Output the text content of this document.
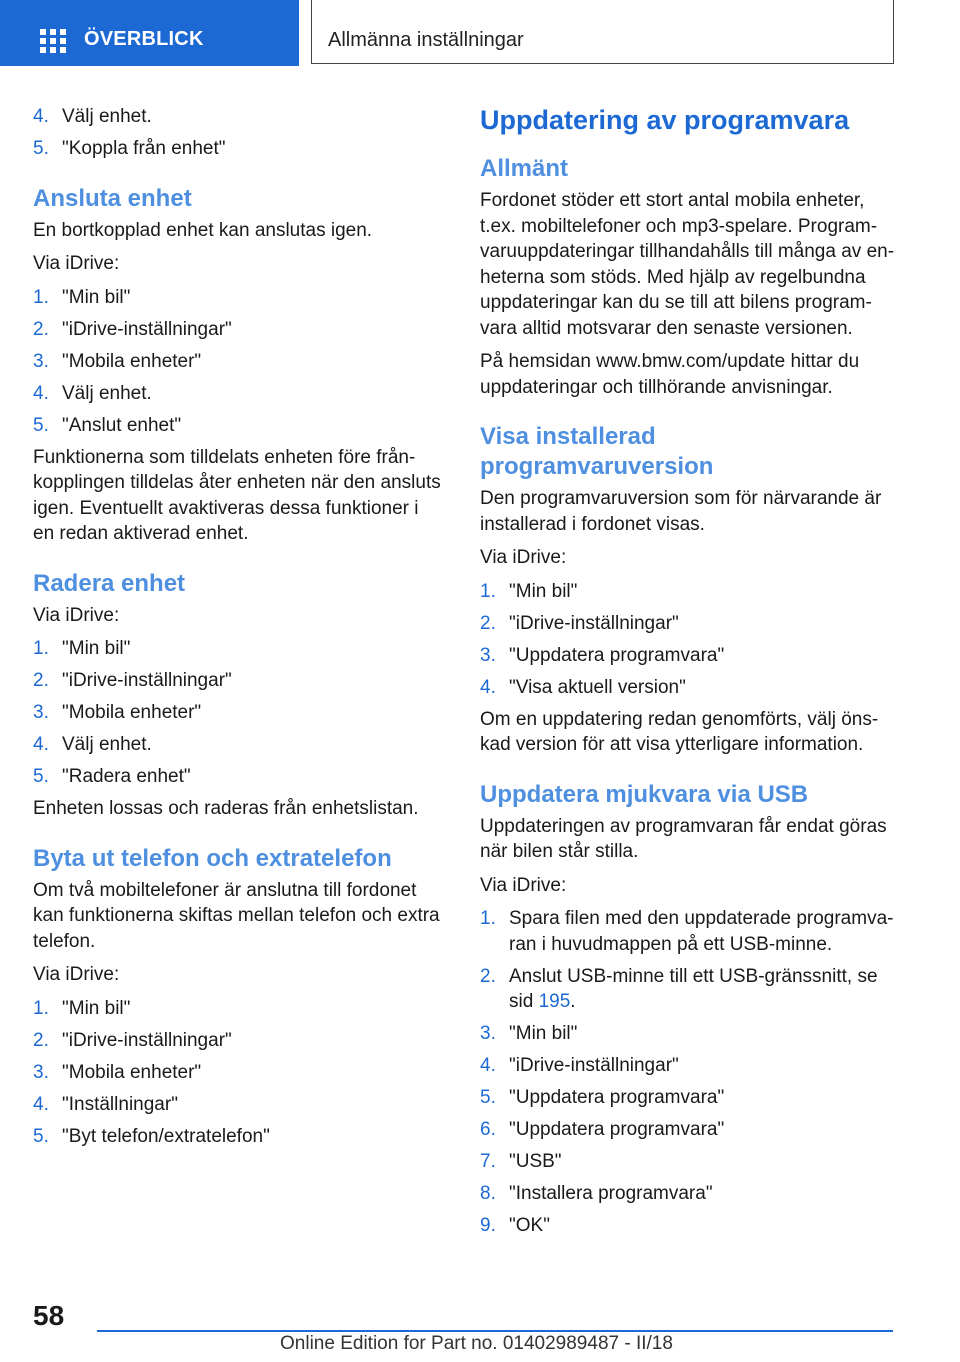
ÖVERBLICK	Allmänna inställningar
4. Välj enhet.
5. "Koppla från enhet"
Ansluta enhet
En bortkopplad enhet kan anslutas igen.
Via iDrive:
1. "Min bil"
2. "iDrive-inställningar"
3. "Mobila enheter"
4. Välj enhet.
5. "Anslut enhet"
Funktionerna som tilldelats enheten före frånkopplingen tilldelas åter enheten när den ansluts igen. Eventuellt avaktiveras dessa funktioner i en redan aktiverad enhet.
Radera enhet
Via iDrive:
1. "Min bil"
2. "iDrive-inställningar"
3. "Mobila enheter"
4. Välj enhet.
5. "Radera enhet"
Enheten lossas och raderas från enhetslistan.
Byta ut telefon och extratelefon
Om två mobiltelefoner är anslutna till fordonet kan funktionerna skiftas mellan telefon och extra telefon.
Via iDrive:
1. "Min bil"
2. "iDrive-inställningar"
3. "Mobila enheter"
4. "Inställningar"
5. "Byt telefon/extratelefon"
Uppdatering av programvara
Allmänt
Fordonet stöder ett stort antal mobila enheter, t.ex. mobiltelefoner och mp3-spelare. Programvaruuppdateringar tillhandahålls till många av enheterna som stöds. Med hjälp av regelbundna uppdateringar kan du se till att bilens programvara alltid motsvarar den senaste versionen.
På hemsidan www.bmw.com/update hittar du uppdateringar och tillhörande anvisningar.
Visa installerad programvaruversion
Den programvaruversion som för närvarande är installerad i fordonet visas.
Via iDrive:
1. "Min bil"
2. "iDrive-inställningar"
3. "Uppdatera programvara"
4. "Visa aktuell version"
Om en uppdatering redan genomförts, välj önskad version för att visa ytterligare information.
Uppdatera mjukvara via USB
Uppdateringen av programvaran får endat göras när bilen står stilla.
Via iDrive:
1. Spara filen med den uppdaterade programvaran i huvudmappen på ett USB-minne.
2. Anslut USB-minne till ett USB-gränssnitt, se sid 195.
3. "Min bil"
4. "iDrive-inställningar"
5. "Uppdatera programvara"
6. "Uppdatera programvara"
7. "USB"
8. "Installera programvara"
9. "OK"
58
Online Edition for Part no. 01402989487 - II/18
